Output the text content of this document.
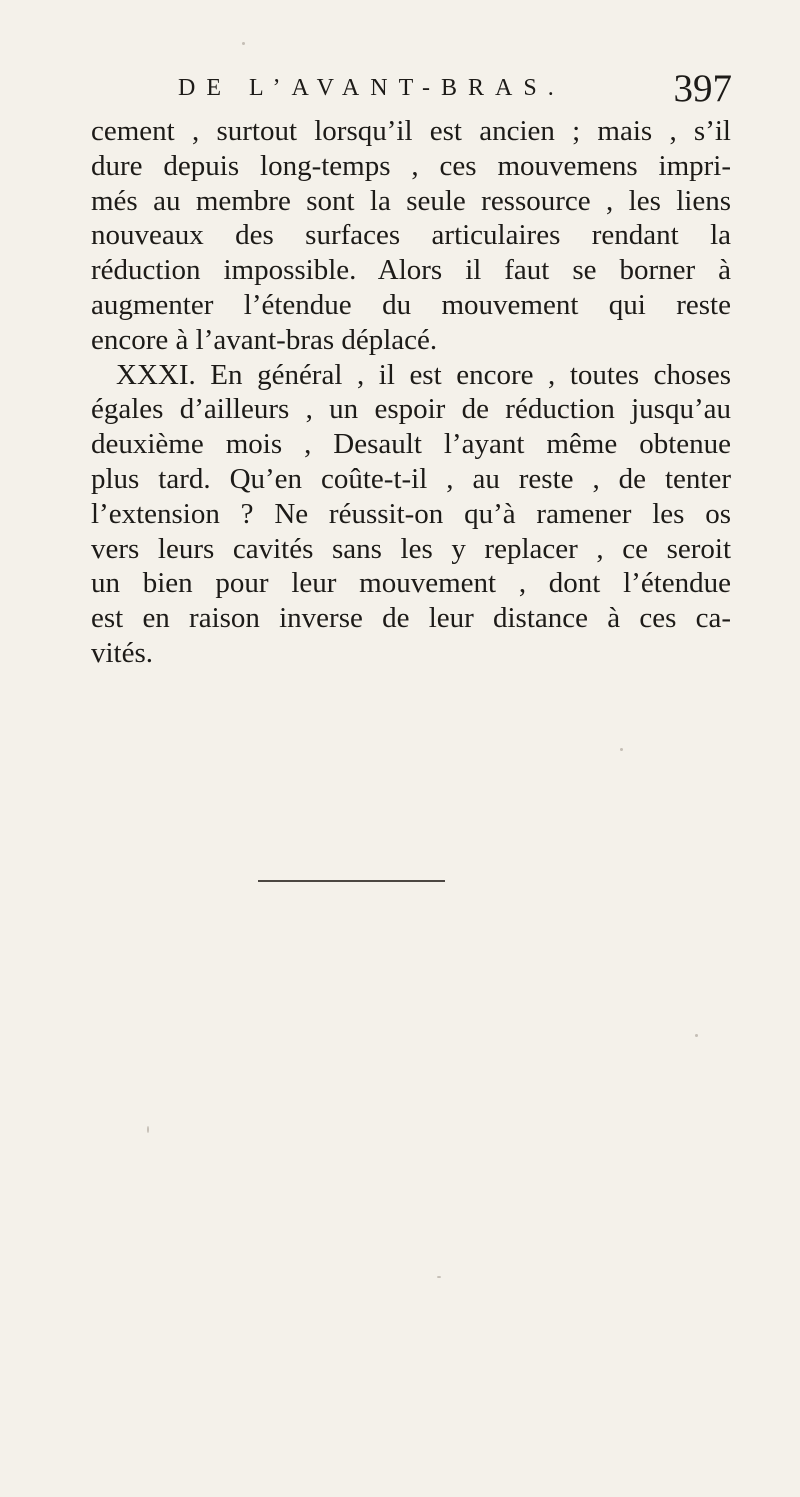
DE L’AVANT-BRAS.	397
cement , surtout lorsqu’il est ancien ; mais , s’il
dure depuis long-temps , ces mouvemens impri-
més au membre sont la seule ressource , les liens
nouveaux des surfaces articulaires rendant la
réduction impossible. Alors il faut se borner à
augmenter l’étendue du mouvement qui reste
encore à l’avant-bras déplacé.
XXXI. En général , il est encore , toutes choses
égales d’ailleurs , un espoir de réduction jusqu’au
deuxième mois , Desault l’ayant même obtenue
plus tard. Qu’en coûte-t-il , au reste , de tenter
l’extension ? Ne réussit-on qu’à ramener les os
vers leurs cavités sans les y replacer , ce seroit
un bien pour leur mouvement , dont l’étendue
est en raison inverse de leur distance à ces ca-
vités.
